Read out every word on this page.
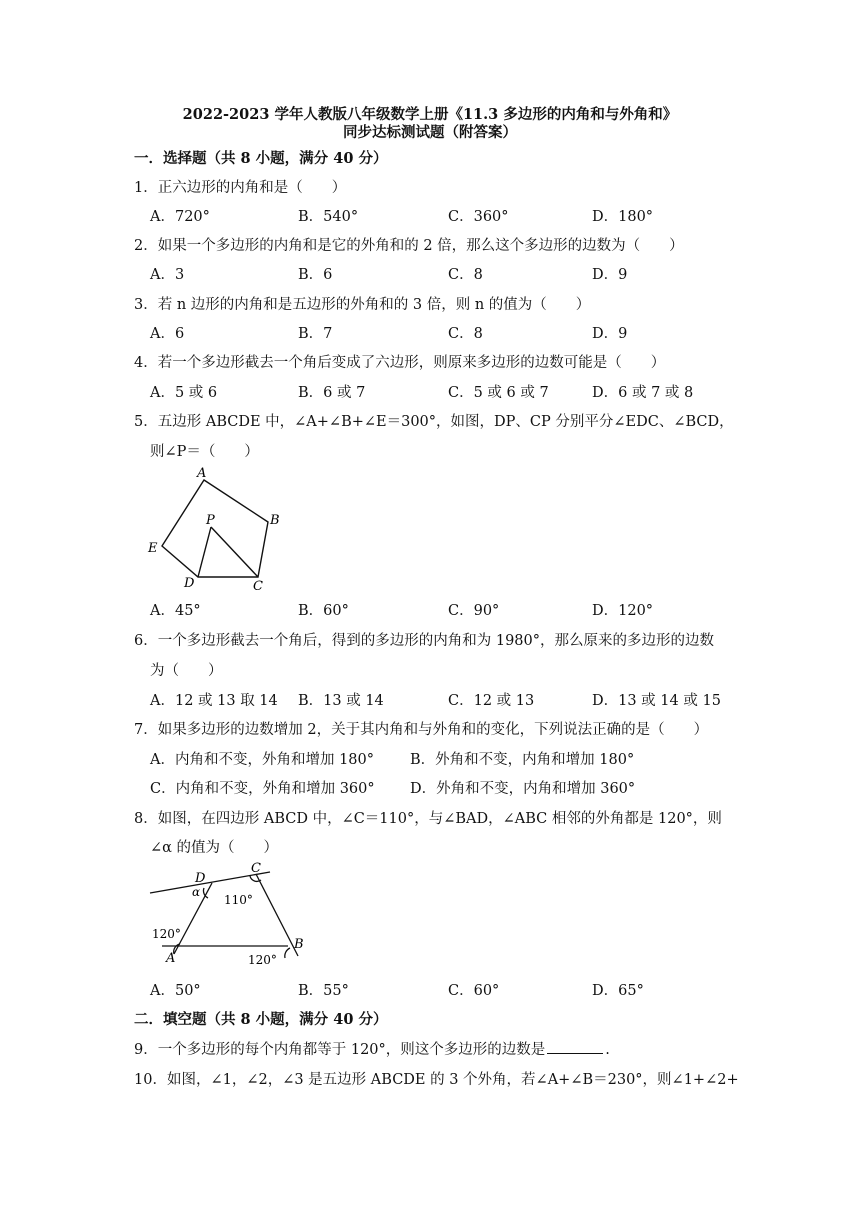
2022-2023 学年人教版八年级数学上册《11.3 多边形的内角和与外角和》
同步达标测试题（附答案）
一．选择题（共 8 小题，满分 40 分）
1．正六边形的内角和是（　　）
A．720°	B．540°	C．360°	D．180°
2．如果一个多边形的内角和是它的外角和的 2 倍，那么这个多边形的边数为（　　）
A．3	B．6	C．8	D．9
3．若 n 边形的内角和是五边形的外角和的 3 倍，则 n 的值为（　　）
A．6	B．7	C．8	D．9
4．若一个多边形截去一个角后变成了六边形，则原来多边形的边数可能是（　　）
A．5 或 6	B．6 或 7	C．5 或 6 或 7	D．6 或 7 或 8
5．五边形 ABCDE 中，∠A+∠B+∠E＝300°，如图，DP、CP 分别平分∠EDC、∠BCD，
则∠P＝（　　）
A
B
C
D
E
P
A．45°	B．60°	C．90°	D．120°
6．一个多边形截去一个角后，得到的多边形的内角和为 1980°，那么原来的多边形的边数
为（　　）
A．12 或 13 取 14 B．13 或 14	C．12 或 13	D．13 或 14 或 15
7．如果多边形的边数增加 2，关于其内角和与外角和的变化，下列说法正确的是（　　）
A．内角和不变，外角和增加 180° B．外角和不变，内角和增加 180°
C．内角和不变，外角和增加 360° D．外角和不变，内角和增加 360°
8．如图，在四边形 ABCD 中，∠C＝110°，与∠BAD，∠ABC 相邻的外角都是 120°，则
∠α 的值为（　　）
D
C
A
B
α
110°
120°
120°
A．50°	B．55°	C．60°	D．65°
二．填空题（共 8 小题，满分 40 分）
9．一个多边形的每个内角都等于 120°，则这个多边形的边数是	.
10．如图，∠1，∠2，∠3 是五边形 ABCDE 的 3 个外角，若∠A+∠B＝230°，则∠1+∠2+
